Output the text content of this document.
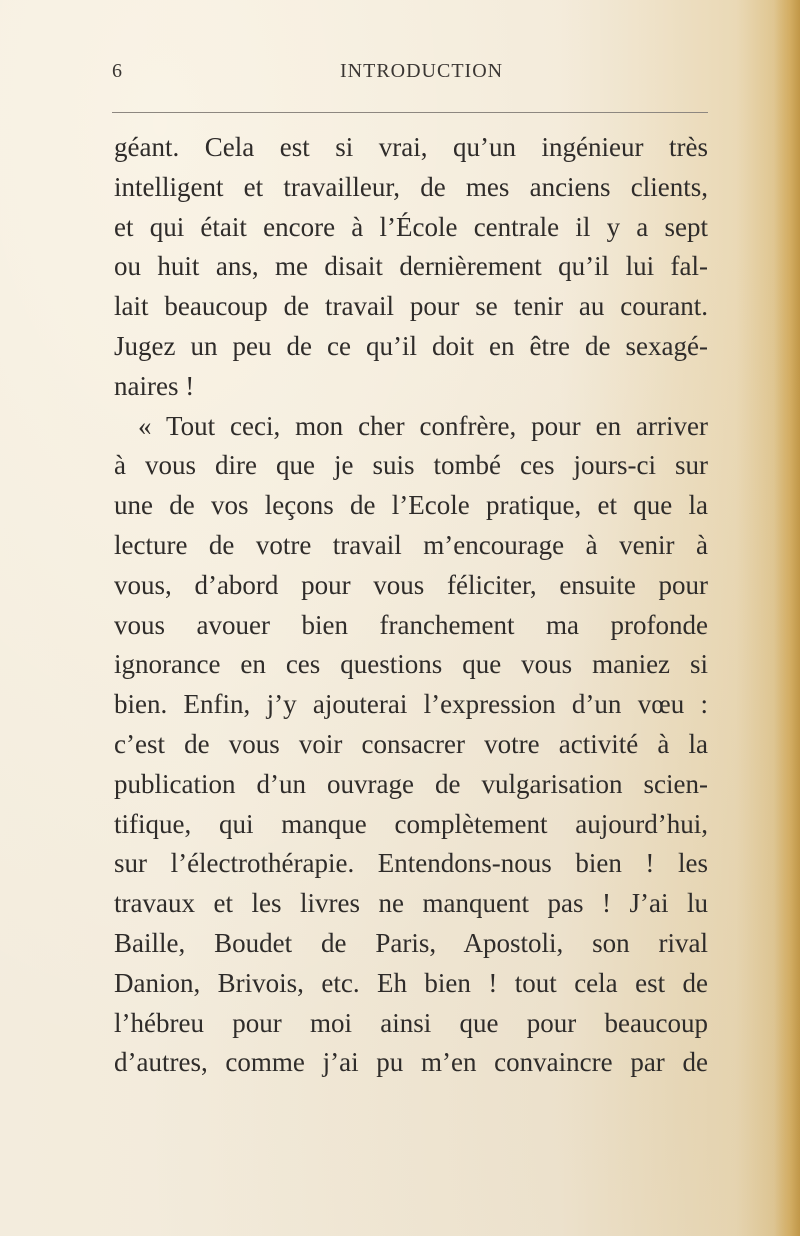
6	INTRODUCTION
géant. Cela est si vrai, qu’un ingénieur très
intelligent et travailleur, de mes anciens clients,
et qui était encore à l’École centrale il y a sept
ou huit ans, me disait dernièrement qu’il lui fal-
lait beaucoup de travail pour se tenir au courant.
Jugez un peu de ce qu’il doit en être de sexagé-
naires !
« Tout ceci, mon cher confrère, pour en arriver
à vous dire que je suis tombé ces jours-ci sur
une de vos leçons de l’Ecole pratique, et que la
lecture de votre travail m’encourage à venir à
vous, d’abord pour vous féliciter, ensuite pour
vous avouer bien franchement ma profonde
ignorance en ces questions que vous maniez si
bien. Enfin, j’y ajouterai l’expression d’un vœu :
c’est de vous voir consacrer votre activité à la
publication d’un ouvrage de vulgarisation scien-
tifique, qui manque complètement aujourd’hui,
sur l’électrothérapie. Entendons-nous bien ! les
travaux et les livres ne manquent pas ! J’ai lu
Baille, Boudet de Paris, Apostoli, son rival
Danion, Brivois, etc. Eh bien ! tout cela est de
l’hébreu pour moi ainsi que pour beaucoup
d’autres, comme j’ai pu m’en convaincre par de
